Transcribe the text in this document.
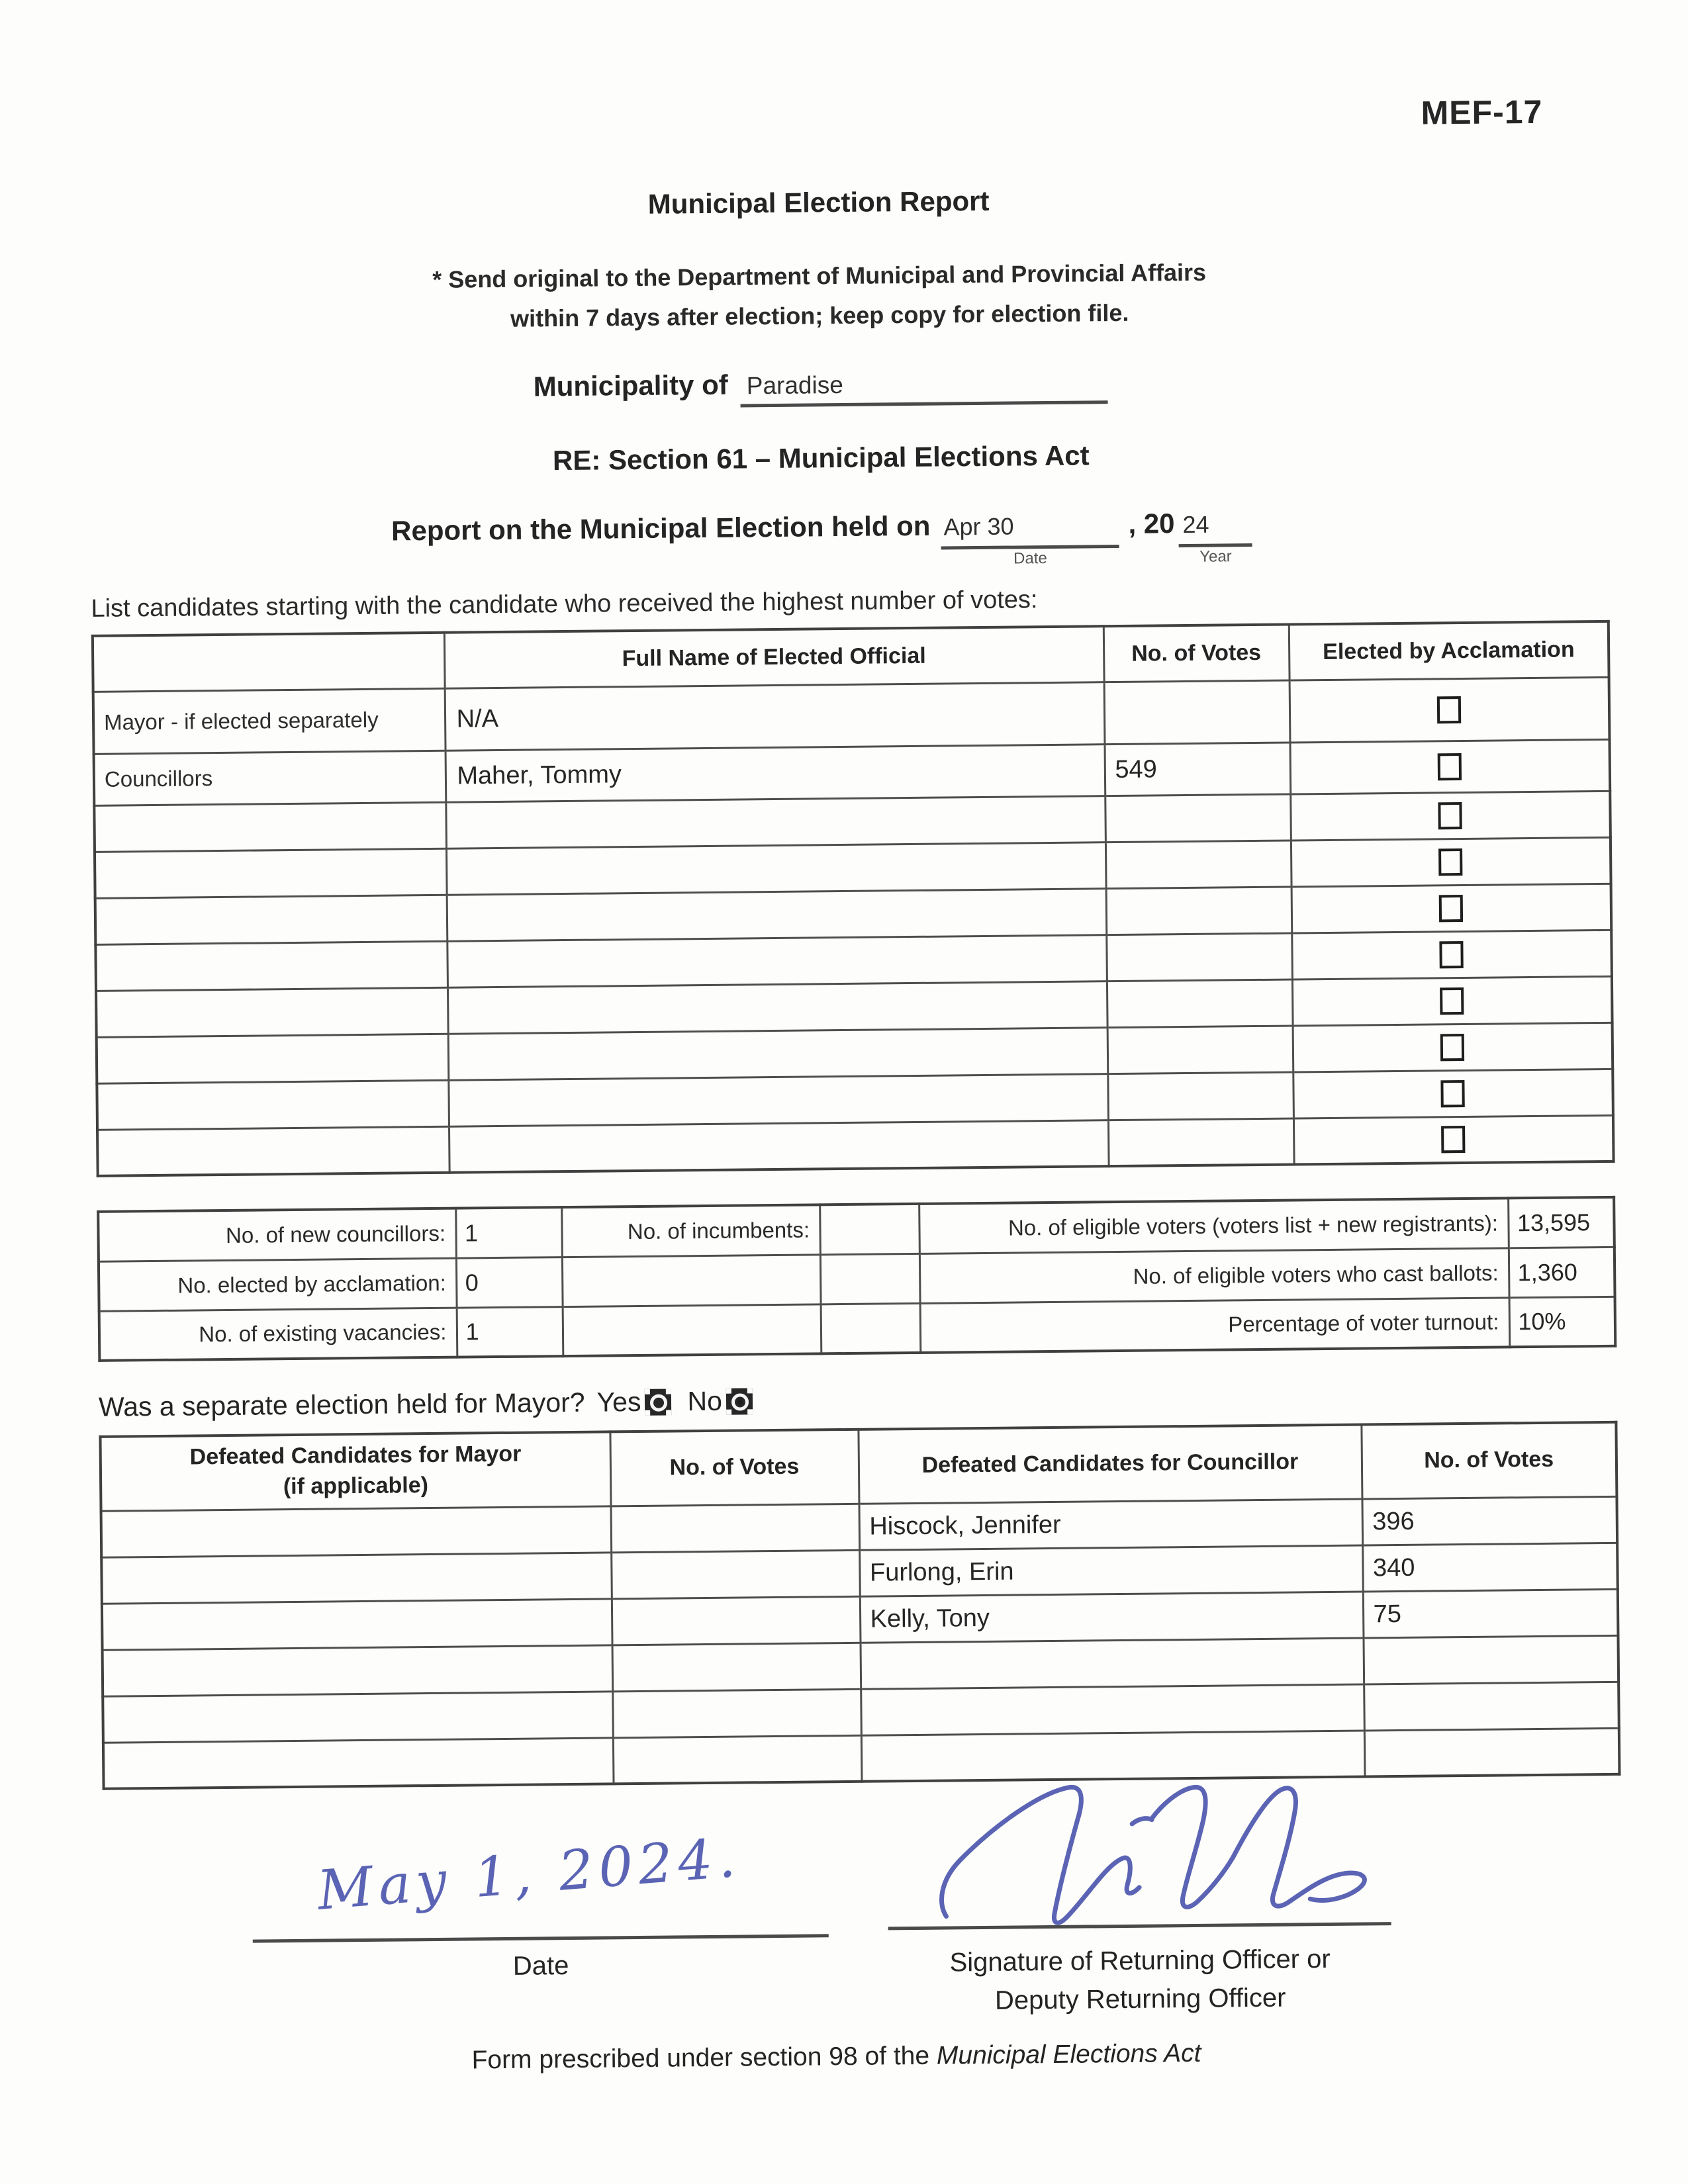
MEF-17
Municipal Election Report
* Send original to the Department of Municipal and Provincial Affairs
within 7 days after election; keep copy for election file.
Municipality of Paradise
RE: Section 61 – Municipal Elections Act
Report on the Municipal Election held on Apr 30
Date
, 20 24
Year
List candidates starting with the candidate who received the highest number of votes:
	Full Name of Elected Official	No. of Votes	Elected by Acclamation
Mayor - if elected separately	N/A		

Councillors	Maher, Tommy	549	

No. of new councillors:	1	No. of incumbents:		No. of eligible voters (voters list + new registrants):	13,595
No. elected by acclamation:	0			No. of eligible voters who cast ballots:	1,360
No. of existing vacancies:	1			Percentage of voter turnout:	10%
Was a separate election held for Mayor? Yes No
Defeated Candidates for Mayor
(if applicable)	No. of Votes	Defeated Candidates for Councillor	No. of Votes
		Hiscock, Jennifer	396
		Furlong, Erin	340
		Kelly, Tony	75

May 1, 2024.
Date	Signature of Returning Officer or
Deputy Returning Officer
Form prescribed under section 98 of the Municipal Elections Act
